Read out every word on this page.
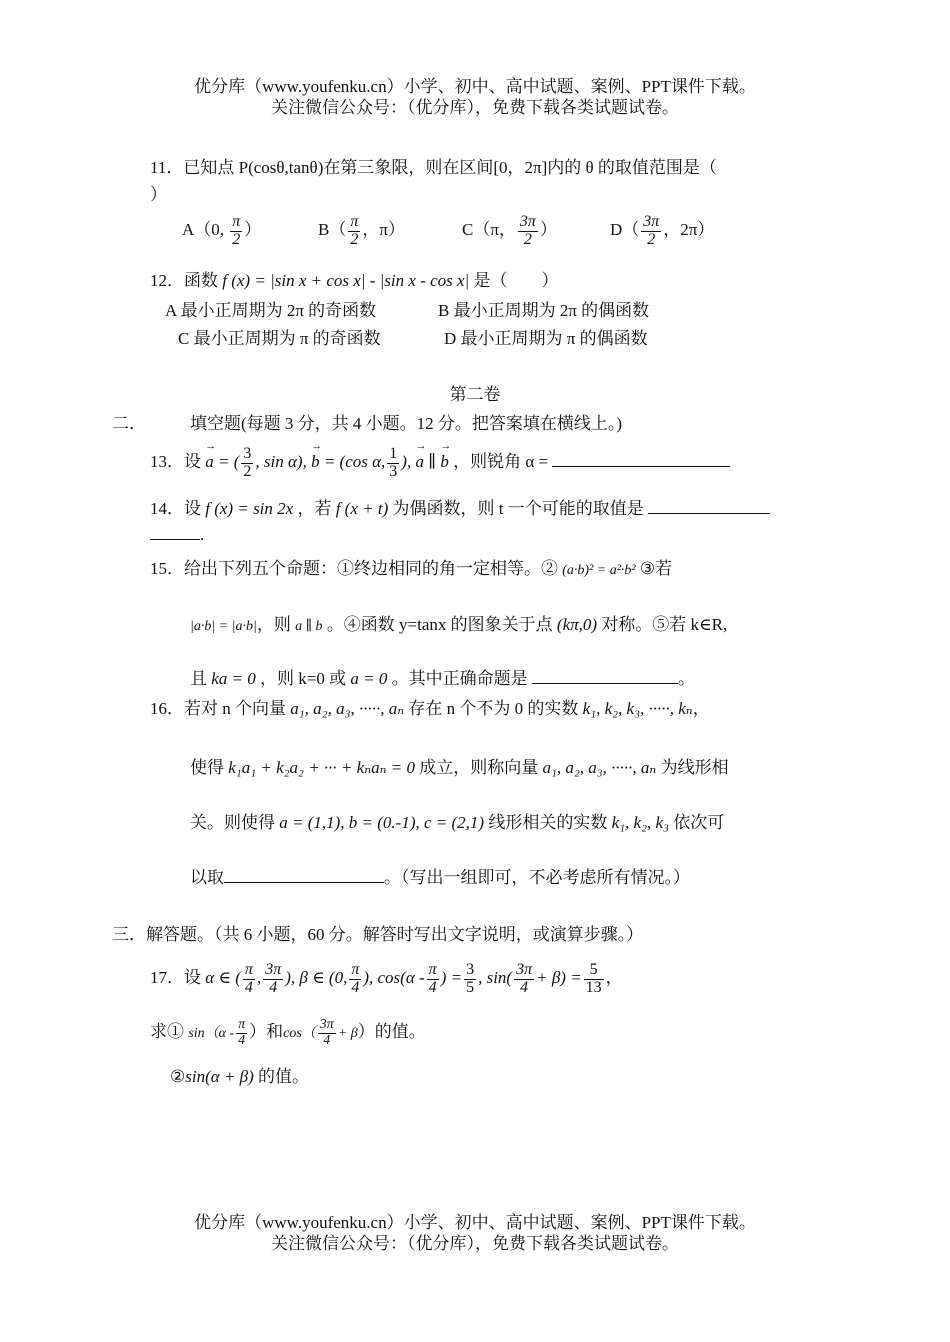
优分库（www.youfenku.cn）小学、初中、高中试题、案例、PPT课件下载。
关注微信公众号：（优分库），免费下载各类试题试卷。
11．已知点 P(cosθ,tanθ)在第三象限，则在区间[0，2π]内的 θ 的取值范围是（
）
A（0, $\frac{\pi}{2}$ ）	$B( \frac{\pi}{2}$ ，π）	C（π， $\frac{3\pi}{2}$ ）	$D( \frac{3\pi}{2}$ ，2π）
12．函数 f (x) = |sin x + cos x| - |sin x - cos x| 是（　　）
A 最小正周期为 2π 的奇函数	B 最小正周期为 2π 的偶函数
C 最小正周期为 π 的奇函数	D 最小正周期为 π 的偶函数
第二卷
二．	填空题(每题 3 分，共 4 小题。12 分。把答案填在横线上。)
13．设 → a = ( $\frac{3}{2}$ , sin α), → b = (cos α, $\frac{1}{3}$ ), → a ∥ → b ，则锐角 α =
14．设 f (x) = sin 2x ，若 f (x + t) 为偶函数，则 t 一个可能的取值是
.
15．给出下列五个命题：①终边相同的角一定相等。② (a·b)² = a²·b² ③若
|a·b| = |a·b|，则 a ∥ b 。④函数 y=tanx 的图象关于点 (kπ,0) 对称。⑤若 k∈R,
且 ka = 0 ，则 k=0 或 a = 0 。其中正确命题是	。
16．若对 n 个向量 a₁, a₂, a₃, ·····, aₙ 存在 n 个不为 0 的实数 k₁, k₂, k₃, ·····, kₙ，
使得 k₁a₁ + k₂a₂ + ··· + kₙaₙ = 0 成立，则称向量 a₁, a₂, a₃, ·····, aₙ 为线形相
关。则使得 a = (1,1), b = (0.-1), c = (2,1) 线形相关的实数 k₁, k₂, k₃ 依次可
以取	。（写出一组即可，不必考虑所有情况。）
三．解答题。（共 6 小题，60 分。解答时写出文字说明，或演算步骤。）
17．设 α ∈ ( $\frac{\pi}{4}$ , $\frac{3\pi}{4}$ ), β ∈ (0, $\frac{\pi}{4}$ ), $\cos(\alpha - \frac{\pi}{4}$ ) = $\frac{3}{5}$ , $\sin( \frac{3\pi}{4} + \beta) = \frac{5}{13}$ ，
求① $\sin(\alpha - \frac{\pi}{4}$ ）和$\cos( \frac{3\pi}{4} + \beta)$的值。
②sin(α + β) 的值。
优分库（www.youfenku.cn）小学、初中、高中试题、案例、PPT课件下载。
关注微信公众号：（优分库），免费下载各类试题试卷。
